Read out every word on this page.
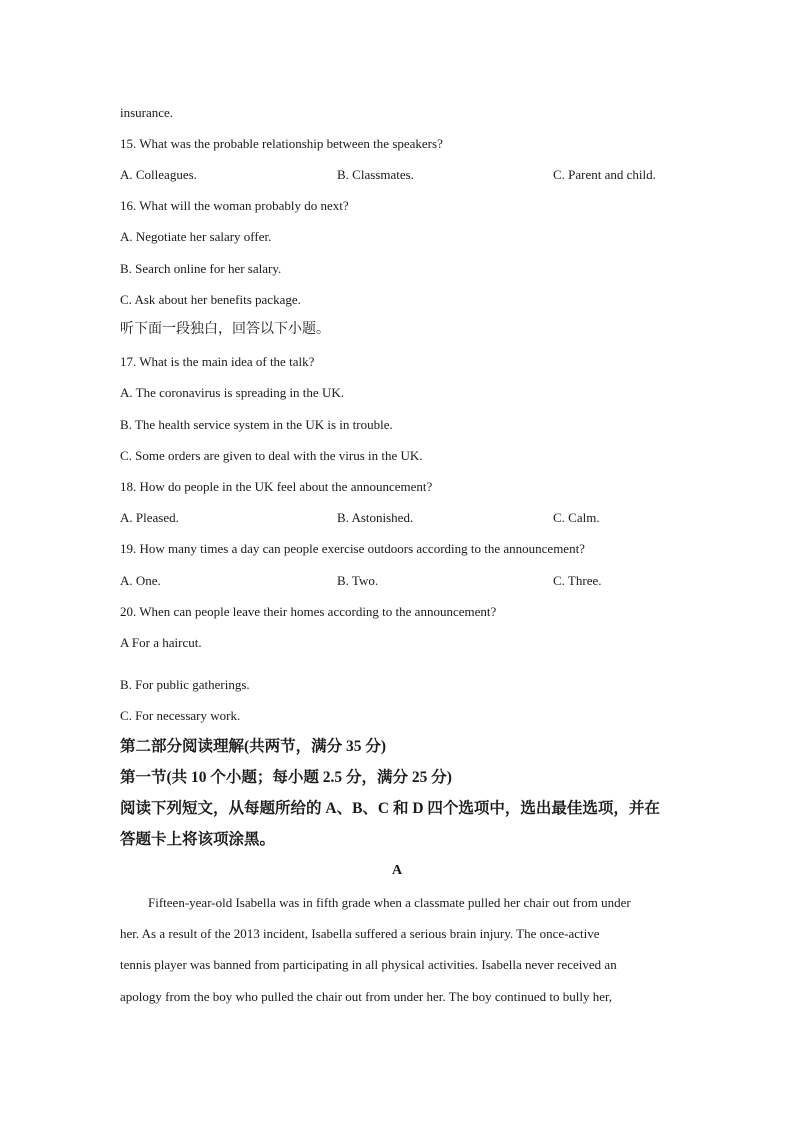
insurance.
15. What was the probable relationship between the speakers?
A. Colleagues.	B. Classmates.	C. Parent and child.
16. What will the woman probably do next?
A. Negotiate her salary offer.
B. Search online for her salary.
C. Ask about her benefits package.
听下面一段独白，回答以下小题。
17. What is the main idea of the talk?
A. The coronavirus is spreading in the UK.
B. The health service system in the UK is in trouble.
C. Some orders are given to deal with the virus in the UK.
18. How do people in the UK feel about the announcement?
A. Pleased.	B. Astonished.	C. Calm.
19. How many times a day can people exercise outdoors according to the announcement?
A. One.	B. Two.	C. Three.
20. When can people leave their homes according to the announcement?
A For a haircut.
B. For public gatherings.
C. For necessary work.
第二部分阅读理解(共两节，满分 35 分)
第一节(共 10 个小题；每小题 2.5 分，满分 25 分)
阅读下列短文，从每题所给的 A、B、C 和 D 四个选项中，选出最佳选项，并在
答题卡上将该项涂黑。
A
Fifteen-year-old Isabella was in fifth grade when a classmate pulled her chair out from under
her. As a result of the 2013 incident, Isabella suffered a serious brain injury. The once-active
tennis player was banned from participating in all physical activities. Isabella never received an
apology from the boy who pulled the chair out from under her. The boy continued to bully her,
